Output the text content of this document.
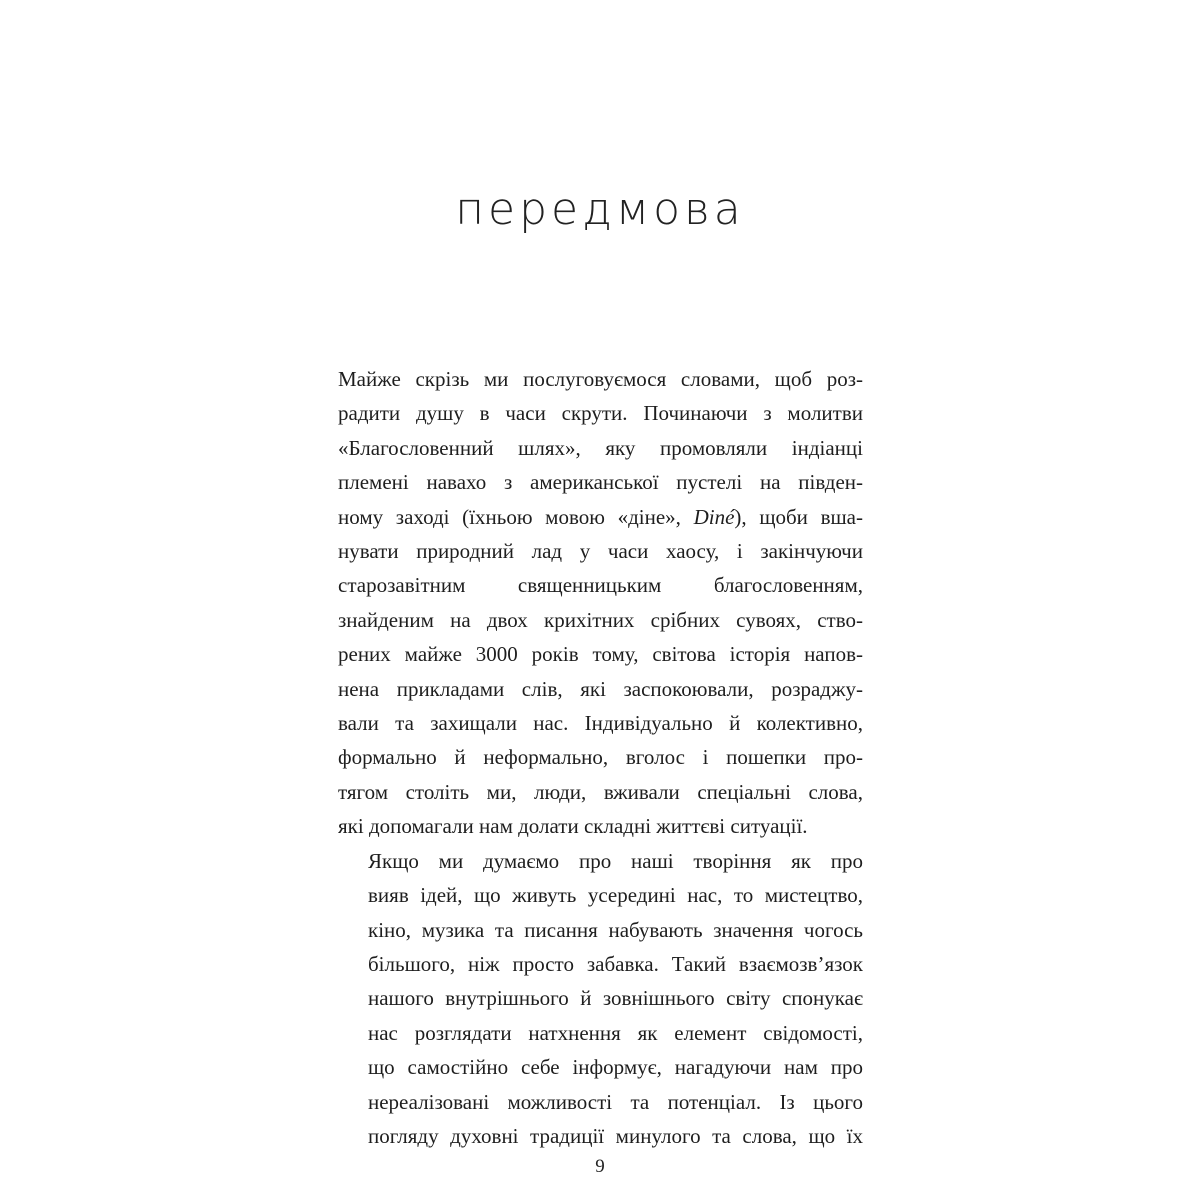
передмова

Майже скрізь ми послуговуємося словами, щоб роз-
радити душу в часи скрути. Починаючи з молитви
«Благословенний шлях», яку промовляли індіанці
племені навахо з американської пустелі на півден-
ному заході (їхньою мовою «діне», Diné), щоби вша-
нувати природний лад у часи хаосу, і закінчуючи
старозавітним священницьким благословенням,
знайденим на двох крихітних срібних сувоях, ство-
рених майже 3000 років тому, світова історія напов-
нена прикладами слів, які заспокоювали, розраджу-
вали та захищали нас. Індивідуально й колективно,
формально й неформально, вголос і пошепки про-
тягом століть ми, люди, вживали спеціальні слова,
які допомагали нам долати складні життєві ситуації.

Якщо ми думаємо про наші творіння як про
вияв ідей, що живуть усередині нас, то мистецтво,
кіно, музика та писання набувають значення чогось
більшого, ніж просто забавка. Такий взаємозв’язок
нашого внутрішнього й зовнішнього світу спонукає
нас розглядати натхнення як елемент свідомості,
що самостійно себе інформує, нагадуючи нам про
нереалізовані можливості та потенціал. Із цього
погляду духовні традиції минулого та слова, що їх

9
